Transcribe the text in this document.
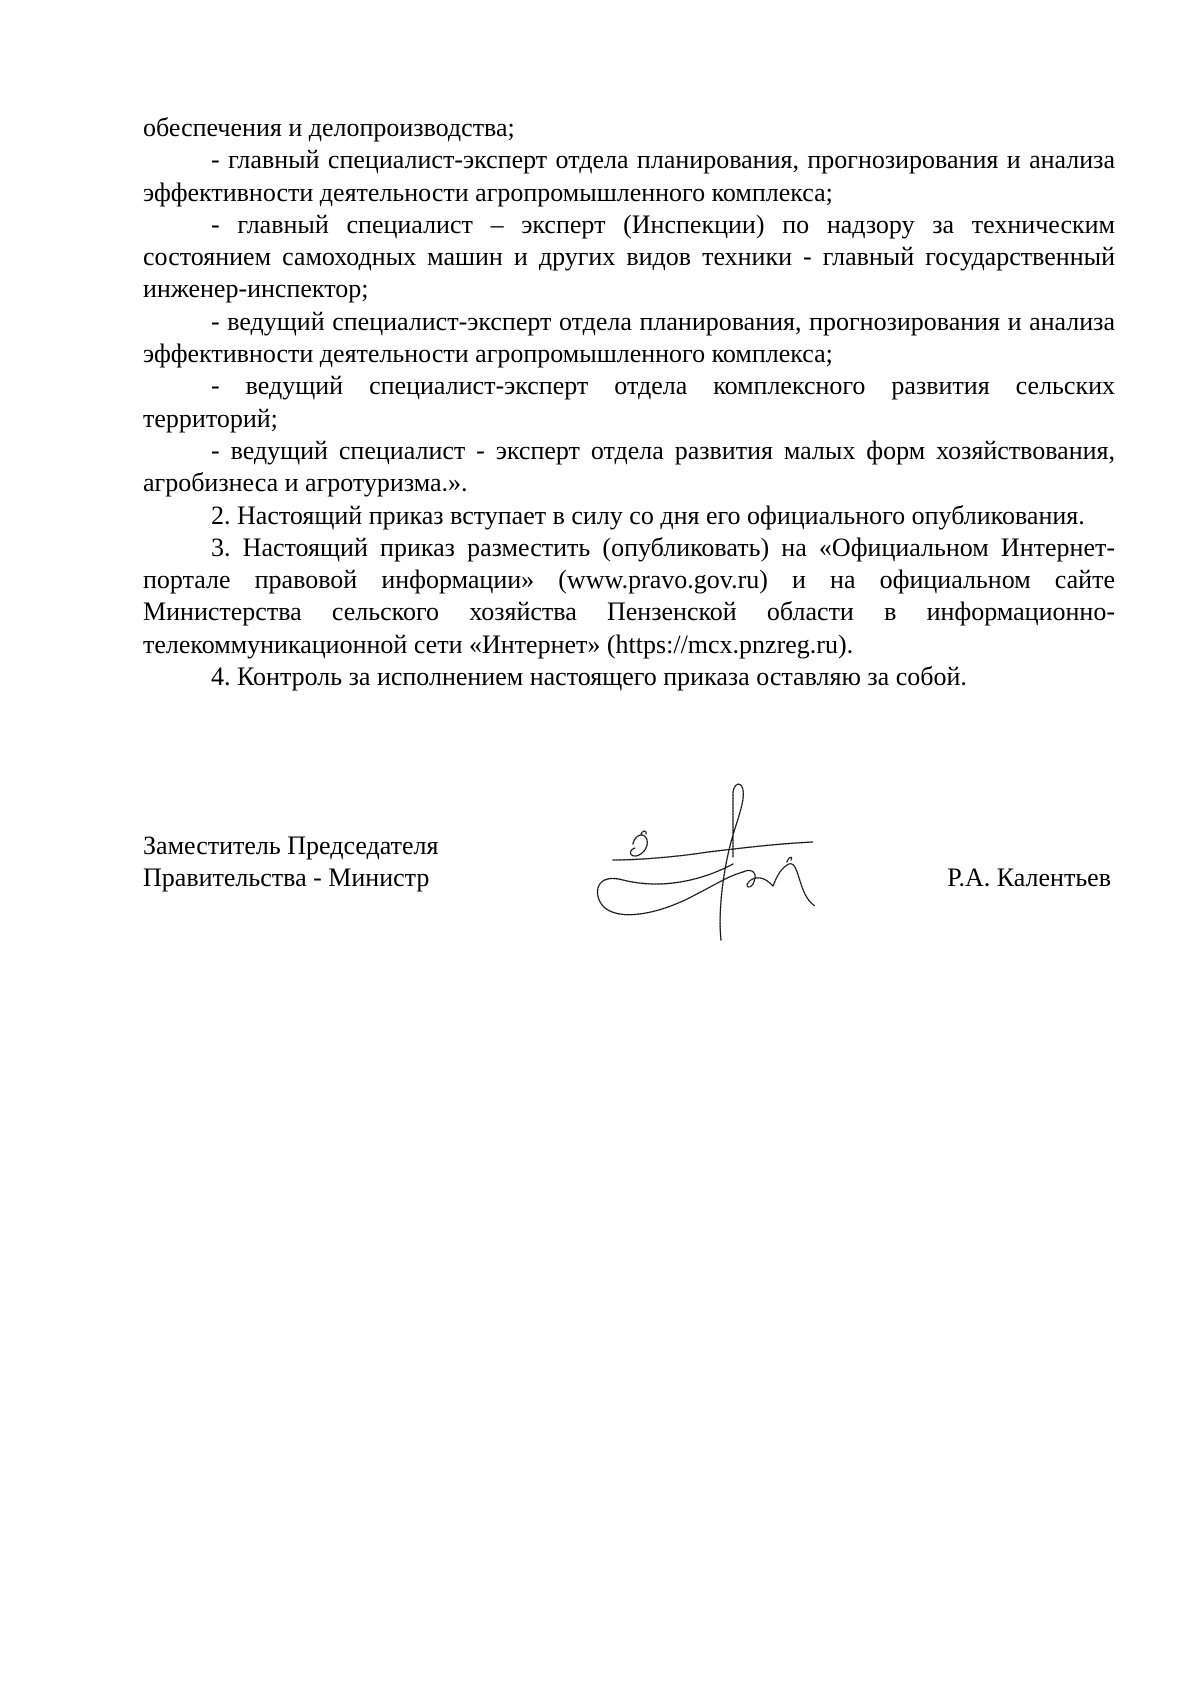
обеспечения и делопроизводства;

- главный специалист-эксперт отдела планирования, прогнозирования и анализа эффективности деятельности агропромышленного комплекса;

- главный специалист – эксперт (Инспекции) по надзору за техническим состоянием самоходных машин и других видов техники - главный государственный инженер-инспектор;

- ведущий специалист-эксперт отдела планирования, прогнозирования и анализа эффективности деятельности агропромышленного комплекса;

- ведущий специалист-эксперт отдела комплексного развития сельских территорий;

- ведущий специалист - эксперт отдела развития малых форм хозяйствования, агробизнеса и агротуризма.».

2. Настоящий приказ вступает в силу со дня его официального опубликования.

3. Настоящий приказ разместить (опубликовать) на «Официальном Интернет-портале правовой информации» (www.pravo.gov.ru) и на официальном сайте Министерства сельского хозяйства Пензенской области в информационно-телекоммуникационной сети «Интернет» (https://mcx.pnzreg.ru).

4. Контроль за исполнением настоящего приказа оставляю за собой.

Заместитель Председателя
Правительства - Министр	Р.А. Калентьев
